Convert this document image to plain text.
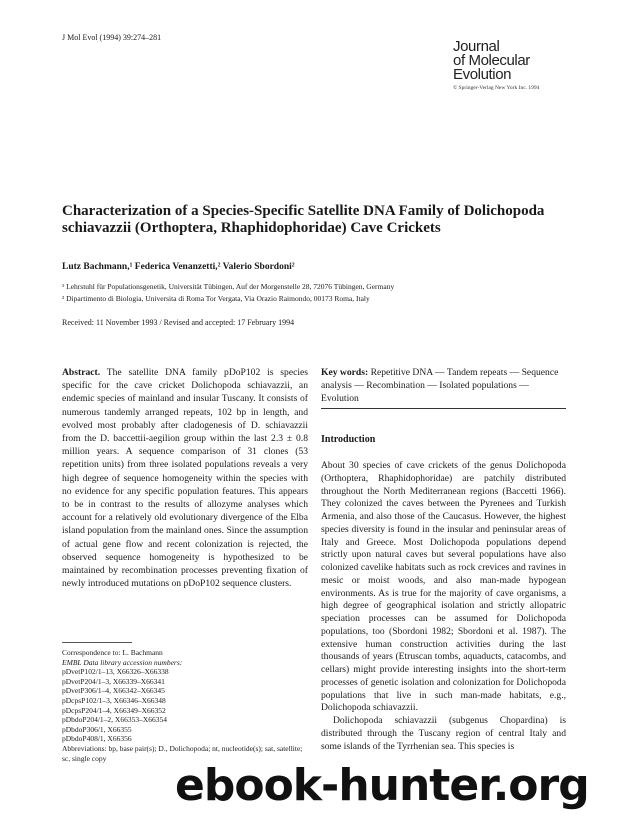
J Mol Evol (1994) 39:274–281
Journal
of Molecular
Evolution
© Springer-Verlag New York Inc. 1994
Characterization of a Species-Specific Satellite DNA Family of Dolichopoda schiavazzii (Orthoptera, Rhaphidophoridae) Cave Crickets
Lutz Bachmann,¹ Federica Venanzetti,² Valerio Sbordoni²
¹ Lehrstuhl für Populationsgenetik, Universität Tübingen, Auf der Morgenstelle 28, 72076 Tübingen, Germany
² Dipartimento di Biologia, Universita di Roma Tor Vergata, Via Orazio Raimondo, 00173 Roma, Italy
Received: 11 November 1993 / Revised and accepted: 17 February 1994
Abstract. The satellite DNA family pDoP102 is species specific for the cave cricket Dolichopoda schiavazzii, an endemic species of mainland and insular Tuscany. It consists of numerous tandemly arranged repeats, 102 bp in length, and evolved most probably after cladogenesis of D. schiavazzii from the D. baccettii-aegilion group within the last 2.3 ± 0.8 million years. A sequence comparison of 31 clones (53 repetition units) from three isolated populations reveals a very high degree of sequence homogeneity within the species with no evidence for any specific population features. This appears to be in contrast to the results of allozyme analyses which account for a relatively old evolutionary divergence of the Elba island population from the mainland ones. Since the assumption of actual gene flow and recent colonization is rejected, the observed sequence homogeneity is hypothesized to be maintained by recombination processes preventing fixation of newly introduced mutations on pDoP102 sequence clusters.
Key words: Repetitive DNA — Tandem repeats — Sequence analysis — Recombination — Isolated populations — Evolution
Introduction

About 30 species of cave crickets of the genus Dolichopoda (Orthoptera, Rhaphidophoridae) are patchily distributed throughout the North Mediterranean regions (Baccetti 1966). They colonized the caves between the Pyrenees and Turkish Armenia, and also those of the Caucasus. However, the highest species diversity is found in the insular and peninsular areas of Italy and Greece. Most Dolichopoda populations depend strictly upon natural caves but several populations have also colonized cavelike habitats such as rock crevices and ravines in mesic or moist woods, and also man-made hypogean environments. As is true for the majority of cave organisms, a high degree of geographical isolation and strictly allopatric speciation processes can be assumed for Dolichopoda populations, too (Sbordoni 1982; Sbordoni et al. 1987). The extensive human construction activities during the last thousands of years (Etruscan tombs, aquaducts, catacombs, and cellars) might provide interesting insights into the short-term processes of genetic isolation and colonization for Dolichopoda populations that live in such man-made habitats, e.g., Dolichopoda schiavazzii.

Dolichopoda schiavazzii (subgenus Chopardina) is distributed through the Tuscany region of central Italy and some islands of the Tyrrhenian sea. This species is

Correspondence to: L. Bachmann
EMBL Data library accession numbers:
pDvetP102/1–13, X66326–X66338
pDvetP204/1–3, X66339–X66341
pDvetP306/1–4, X66342–X66345
pDcpsP102/1–3, X66346–X66348
pDcpsP204/1–4, X66349–X66352
pDbdoP204/1–2, X66353–X66354
pDbdoP306/1, X66355
pDbdoP408/1, X66356
Abbreviations: bp, base pair(s); D., Dolichopoda; nt, nucleotide(s); sat, satellite; sc, single copy
ebook-hunter.org
